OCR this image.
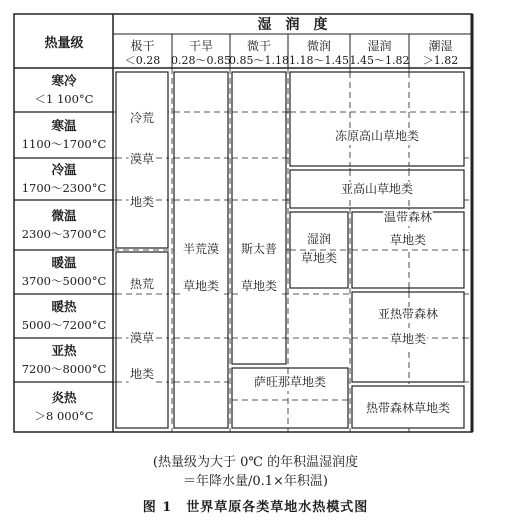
热量级
湿　润　度
极干
＜0.28
干旱
0.28～0.85
微干
0.85～1.18
微润
1.18～1.45
湿润
1.45～1.82
潮湿
＞1.82
寒冷
＜1 100°C
寒温
1100～1700°C
冷温
1700～2300°C
微温
2300～3700°C
暖温
3700～5000°C
暖热
5000～7200°C
亚热
7200～8000°C
炎热
＞8 000°C
冷荒
漠草
地类
热荒
漠草
地类
半荒漠
草地类
斯太普
草地类
冻原高山草地类
亚高山草地类
湿润
草地类
温带森林
草地类
亚热带森林
草地类
萨旺那草地类
热带森林草地类
(热量级为大于 0℃ 的年积温湿润度
＝年降水量/0.1×年积温)
图 1　世界草原各类草地水热模式图
